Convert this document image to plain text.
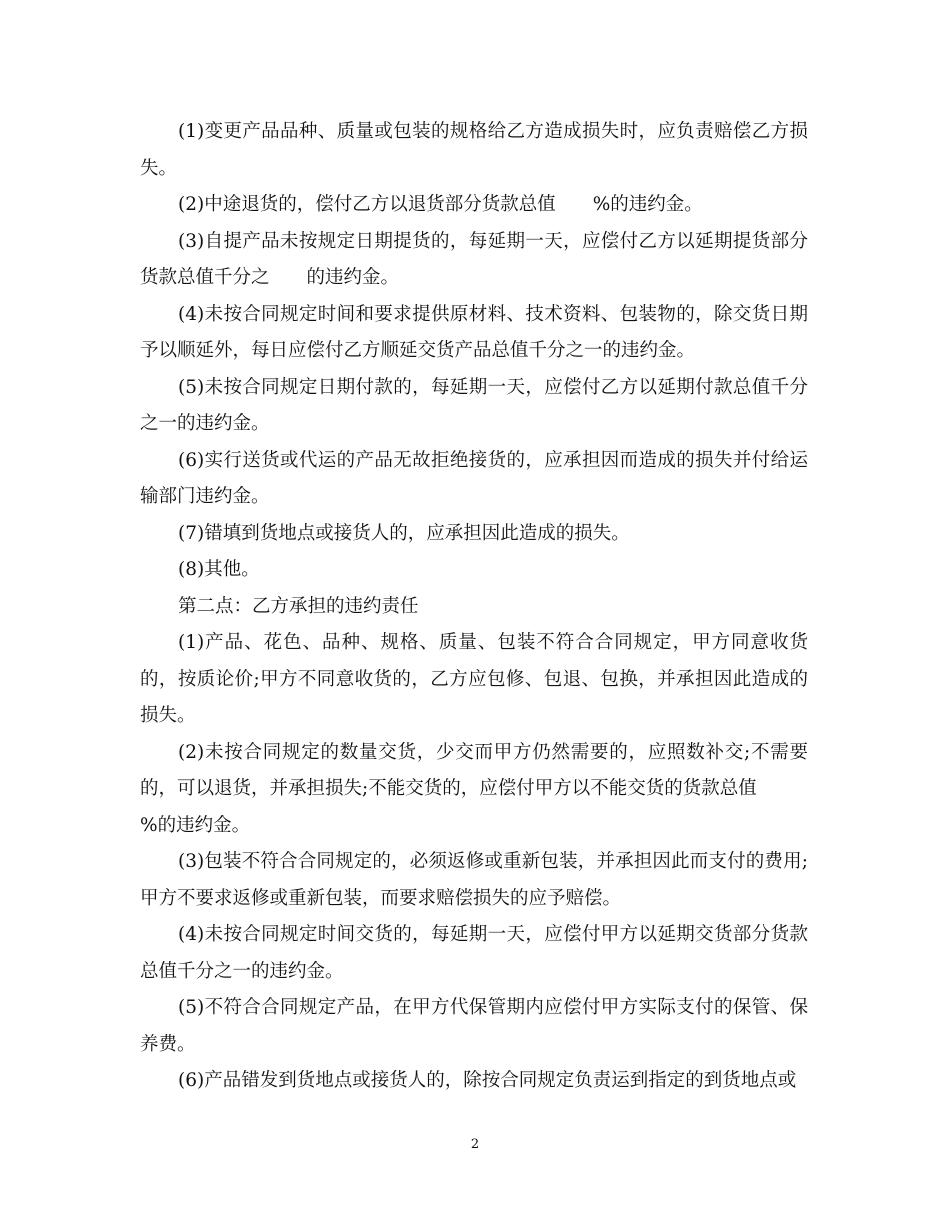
(1)变更产品品种、质量或包装的规格给乙方造成损失时，应负责赔偿乙方损失。

(2)中途退货的，偿付乙方以退货部分货款总值　　%的违约金。

(3)自提产品未按规定日期提货的，每延期一天，应偿付乙方以延期提货部分货款总值千分之　　的违约金。

(4)未按合同规定时间和要求提供原材料、技术资料、包装物的，除交货日期予以顺延外，每日应偿付乙方顺延交货产品总值千分之一的违约金。

(5)未按合同规定日期付款的，每延期一天，应偿付乙方以延期付款总值千分之一的违约金。

(6)实行送货或代运的产品无故拒绝接货的，应承担因而造成的损失并付给运输部门违约金。

(7)错填到货地点或接货人的，应承担因此造成的损失。

(8)其他。

第二点：乙方承担的违约责任

(1)产品、花色、品种、规格、质量、包装不符合合同规定，甲方同意收货的，按质论价;甲方不同意收货的，乙方应包修、包退、包换，并承担因此造成的损失。

(2)未按合同规定的数量交货，少交而甲方仍然需要的，应照数补交;不需要的，可以退货，并承担损失;不能交货的，应偿付甲方以不能交货的货款总值
%的违约金。

(3)包装不符合合同规定的，必须返修或重新包装，并承担因此而支付的费用;甲方不要求返修或重新包装，而要求赔偿损失的应予赔偿。

(4)未按合同规定时间交货的，每延期一天，应偿付甲方以延期交货部分货款总值千分之一的违约金。

(5)不符合合同规定产品，在甲方代保管期内应偿付甲方实际支付的保管、保养费。

(6)产品错发到货地点或接货人的，除按合同规定负责运到指定的到货地点或

2
